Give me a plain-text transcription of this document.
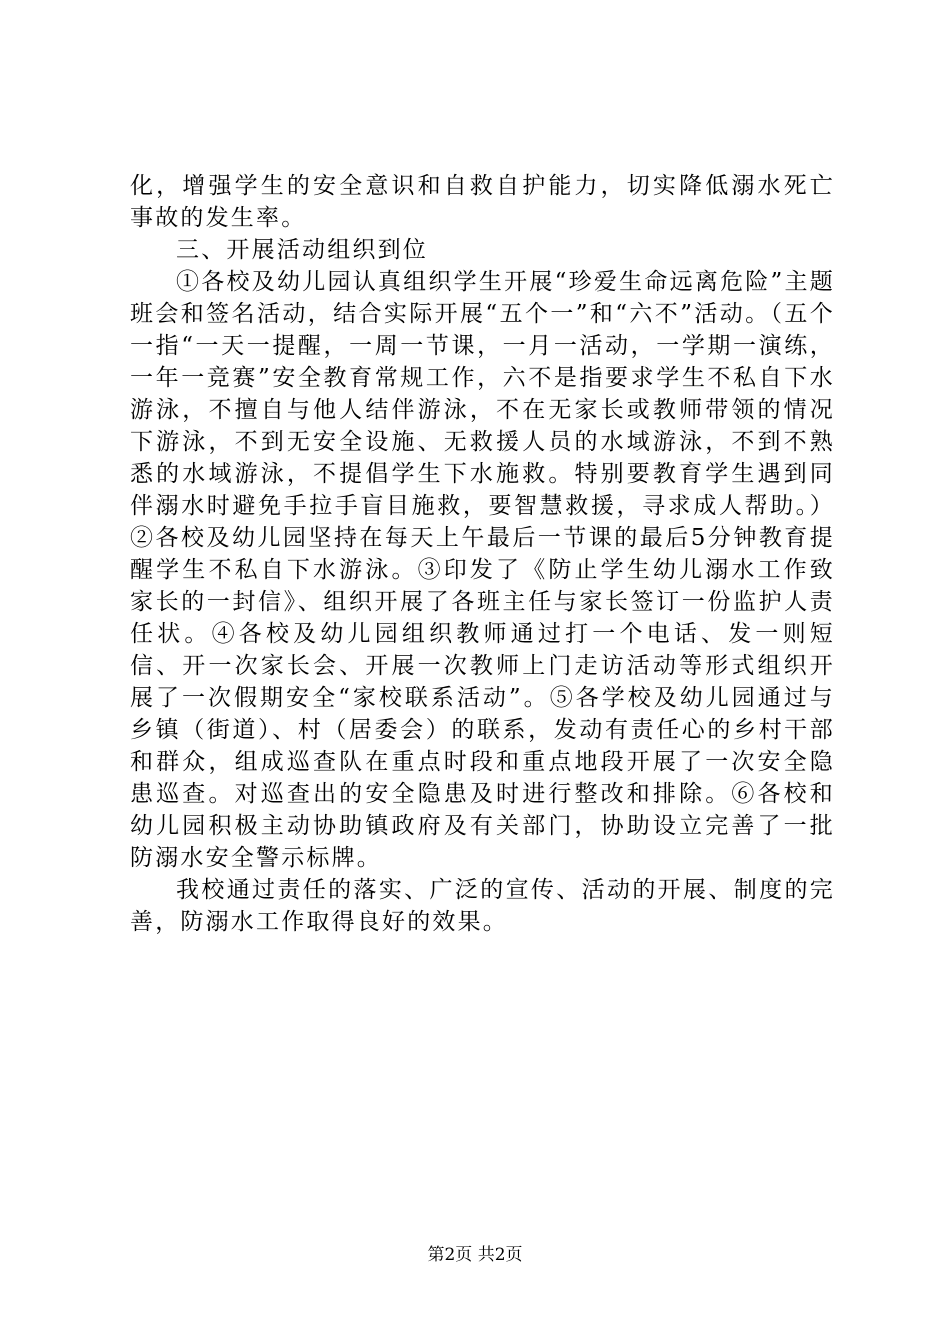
化，增强学生的安全意识和自救自护能力，切实降低溺水死亡事故的发生率。

三、开展活动组织到位

①各校及幼儿园认真组织学生开展“珍爱生命远离危险”主题班会和签名活动，结合实际开展“五个一”和“六不”活动。（五个一指“一天一提醒，一周一节课，一月一活动，一学期一演练，一年一竞赛”安全教育常规工作，六不是指要求学生不私自下水游泳，不擅自与他人结伴游泳，不在无家长或教师带领的情况下游泳，不到无安全设施、无救援人员的水域游泳，不到不熟悉的水域游泳，不提倡学生下水施救。特别要教育学生遇到同伴溺水时避免手拉手盲目施救，要智慧救援，寻求成人帮助。）②各校及幼儿园坚持在每天上午最后一节课的最后5分钟教育提醒学生不私自下水游泳。③印发了《防止学生幼儿溺水工作致家长的一封信》、组织开展了各班主任与家长签订一份监护人责任状。④各校及幼儿园组织教师通过打一个电话、发一则短信、开一次家长会、开展一次教师上门走访活动等形式组织开展了一次假期安全“家校联系活动”。⑤各学校及幼儿园通过与乡镇（街道）、村（居委会）的联系，发动有责任心的乡村干部和群众，组成巡查队在重点时段和重点地段开展了一次安全隐患巡查。对巡查出的安全隐患及时进行整改和排除。⑥各校和幼儿园积极主动协助镇政府及有关部门，协助设立完善了一批防溺水安全警示标牌。

我校通过责任的落实、广泛的宣传、活动的开展、制度的完善，防溺水工作取得良好的效果。

第2页 共2页
